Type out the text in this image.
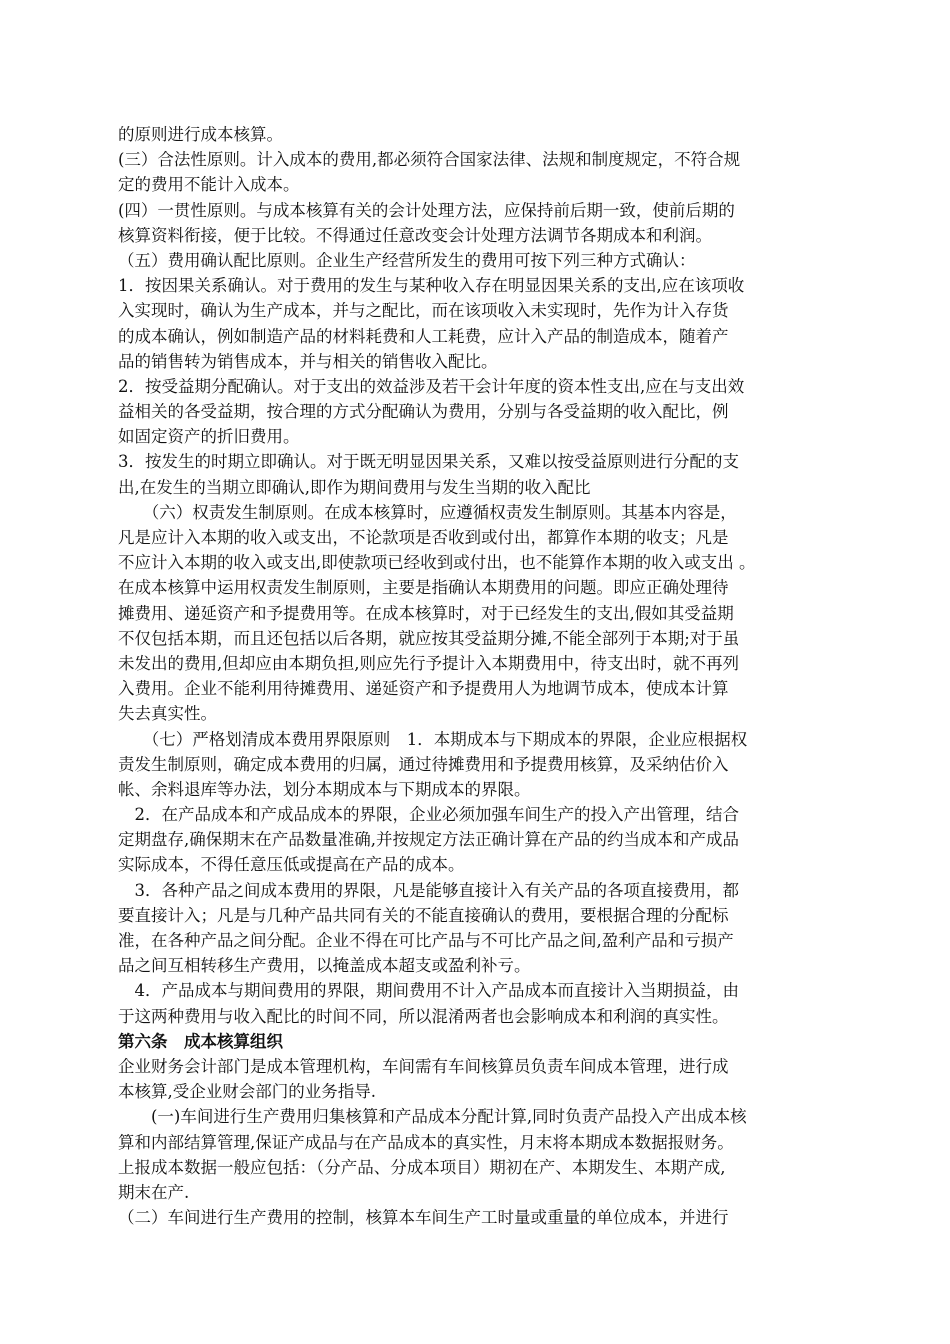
的原则进行成本核算。
(三）合法性原则。计入成本的费用,都必须符合国家法律、法规和制度规定，不符合规
定的费用不能计入成本。
(四）一贯性原则。与成本核算有关的会计处理方法，应保持前后期一致，使前后期的
核算资料衔接，便于比较。不得通过任意改变会计处理方法调节各期成本和利润。
（五）费用确认配比原则。企业生产经营所发生的费用可按下列三种方式确认：
1．按因果关系确认。对于费用的发生与某种收入存在明显因果关系的支出,应在该项收
入实现时，确认为生产成本，并与之配比，而在该项收入未实现时，先作为计入存货
的成本确认，例如制造产品的材料耗费和人工耗费，应计入产品的制造成本，随着产
品的销售转为销售成本，并与相关的销售收入配比。
2．按受益期分配确认。对于支出的效益涉及若干会计年度的资本性支出,应在与支出效
益相关的各受益期，按合理的方式分配确认为费用，分别与各受益期的收入配比，例
如固定资产的折旧费用。
3．按发生的时期立即确认。对于既无明显因果关系，又难以按受益原则进行分配的支
出,在发生的当期立即确认,即作为期间费用与发生当期的收入配比
　　（六）权责发生制原则。在成本核算时，应遵循权责发生制原则。其基本内容是，
凡是应计入本期的收入或支出，不论款项是否收到或付出，都算作本期的收支；凡是
不应计入本期的收入或支出,即使款项已经收到或付出，也不能算作本期的收入或支出 。
在成本核算中运用权责发生制原则，主要是指确认本期费用的问题。即应正确处理待
摊费用、递延资产和予提费用等。在成本核算时，对于已经发生的支出,假如其受益期
不仅包括本期，而且还包括以后各期，就应按其受益期分摊,不能全部列于本期;对于虽
未发出的费用,但却应由本期负担,则应先行予提计入本期费用中，待支出时，就不再列
入费用。企业不能利用待摊费用、递延资产和予提费用人为地调节成本，使成本计算
失去真实性。
　　（七）严格划清成本费用界限原则　1．本期成本与下期成本的界限，企业应根据权
责发生制原则，确定成本费用的归属，通过待摊费用和予提费用核算，及采纳估价入
帐、余料退库等办法，划分本期成本与下期成本的界限。
　2．在产品成本和产成品成本的界限，企业必须加强车间生产的投入产出管理，结合
定期盘存,确保期末在产品数量准确,并按规定方法正确计算在产品的约当成本和产成品
实际成本，不得任意压低或提高在产品的成本。
　3．各种产品之间成本费用的界限，凡是能够直接计入有关产品的各项直接费用，都
要直接计入；凡是与几种产品共同有关的不能直接确认的费用，要根据合理的分配标
准，在各种产品之间分配。企业不得在可比产品与不可比产品之间,盈利产品和亏损产
品之间互相转移生产费用，以掩盖成本超支或盈利补亏。
　4．产品成本与期间费用的界限，期间费用不计入产品成本而直接计入当期损益，由
于这两种费用与收入配比的时间不同，所以混淆两者也会影响成本和利润的真实性。
第六条　成本核算组织
企业财务会计部门是成本管理机构，车间需有车间核算员负责车间成本管理，进行成
本核算,受企业财会部门的业务指导.
　　(一)车间进行生产费用归集核算和产品成本分配计算,同时负责产品投入产出成本核
算和内部结算管理,保证产成品与在产品成本的真实性，月末将本期成本数据报财务。
上报成本数据一般应包括：（分产品、分成本项目）期初在产、本期发生、本期产成,
期末在产.
（二）车间进行生产费用的控制，核算本车间生产工时量或重量的单位成本，并进行
